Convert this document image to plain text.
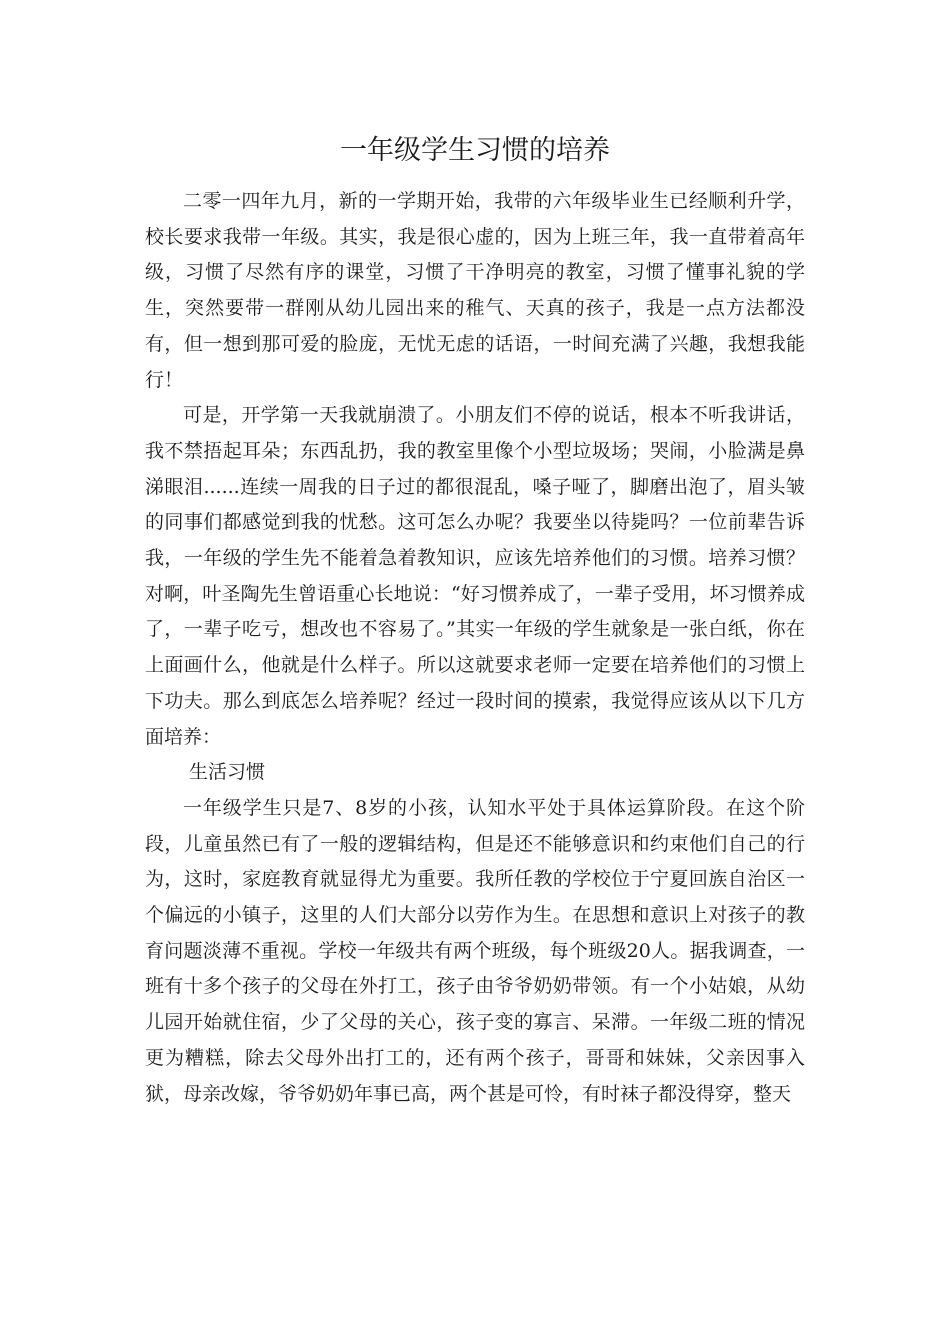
一年级学生习惯的培养

二零一四年九月，新的一学期开始，我带的六年级毕业生已经顺利升学，校长要求我带一年级。其实，我是很心虚的，因为上班三年，我一直带着高年级，习惯了尽然有序的课堂，习惯了干净明亮的教室，习惯了懂事礼貌的学生，突然要带一群刚从幼儿园出来的稚气、天真的孩子，我是一点方法都没有，但一想到那可爱的脸庞，无忧无虑的话语，一时间充满了兴趣，我想我能行！

可是，开学第一天我就崩溃了。小朋友们不停的说话，根本不听我讲话，我不禁捂起耳朵；东西乱扔，我的教室里像个小型垃圾场；哭闹，小脸满是鼻涕眼泪......连续一周我的日子过的都很混乱，嗓子哑了，脚磨出泡了，眉头皱的同事们都感觉到我的忧愁。这可怎么办呢？我要坐以待毙吗？一位前辈告诉我，一年级的学生先不能着急着教知识，应该先培养他们的习惯。培养习惯？对啊，叶圣陶先生曾语重心长地说：“好习惯养成了，一辈子受用，坏习惯养成了，一辈子吃亏，想改也不容易了。”其实一年级的学生就象是一张白纸，你在上面画什么，他就是什么样子。所以这就要求老师一定要在培养他们的习惯上下功夫。那么到底怎么培养呢？经过一段时间的摸索，我觉得应该从以下几方面培养：

生活习惯

一年级学生只是7、8岁的小孩，认知水平处于具体运算阶段。在这个阶段，儿童虽然已有了一般的逻辑结构，但是还不能够意识和约束他们自己的行为，这时，家庭教育就显得尤为重要。我所任教的学校位于宁夏回族自治区一个偏远的小镇子，这里的人们大部分以劳作为生。在思想和意识上对孩子的教育问题淡薄不重视。学校一年级共有两个班级，每个班级20人。据我调查，一班有十多个孩子的父母在外打工，孩子由爷爷奶奶带领。有一个小姑娘，从幼儿园开始就住宿，少了父母的关心，孩子变的寡言、呆滞。一年级二班的情况更为糟糕，除去父母外出打工的，还有两个孩子，哥哥和妹妹，父亲因事入狱，母亲改嫁，爷爷奶奶年事已高，两个甚是可怜，有时袜子都没得穿，整天
